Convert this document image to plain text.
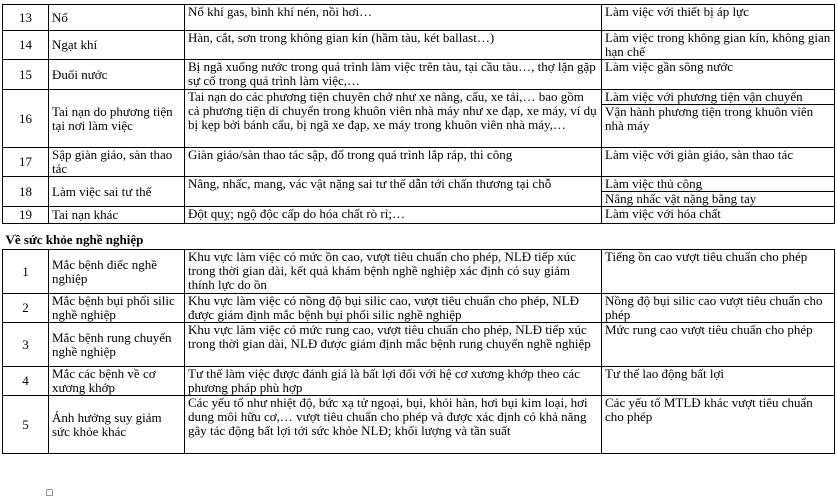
13	Nổ	Nổ khí gas, bình khí nén, nồi hơi…	Làm việc với thiết bị áp lực
14	Ngạt khí	Hàn, cắt, sơn trong không gian kín (hầm tàu, két ballast…)	Làm việc trong không gian kín, không gian hạn chế
15	Đuối nước	Bị ngã xuống nước trong quá trình làm việc trên tàu, tại cầu tàu…, thợ lặn gặp sự cố trong quá trình làm việc,…	Làm việc gần sông nước
16	Tai nạn do phương tiện tại nơi làm việc	Tai nạn do các phương tiện chuyên chở như xe nâng, cẩu, xe tải,… bao gồm cả phương tiện di chuyển trong khuôn viên nhà máy như xe đạp, xe máy, ví dụ bị kẹp bởi bánh cẩu, bị ngã xe đạp, xe máy trong khuôn viên nhà máy,…	Làm việc với phương tiện vận chuyển
Vận hành phương tiện trong khuôn viên nhà máy

17	Sập giàn giáo, sàn thao tác	Giàn giáo/sàn thao tác sập, đổ trong quá trình lắp ráp, thi công	Làm việc với giàn giáo, sàn thao tác
18	Làm việc sai tư thế	Nâng, nhấc, mang, vác vật nặng sai tư thế dẫn tới chấn thương tại chỗ	Làm việc thủ công
Nâng nhấc vật nặng bằng tay

19	Tai nạn khác	Đột quỵ; ngộ độc cấp do hóa chất rò rỉ;…	Làm việc với hóa chất
Về sức khỏe nghề nghiệp			
1	Mắc bệnh điếc nghề nghiệp	Khu vực làm việc có mức ồn cao, vượt tiêu chuẩn cho phép, NLĐ tiếp xúc trong thời gian dài, kết quả khám bệnh nghề nghiệp xác định có suy giảm thính lực do ồn	Tiếng ồn cao vượt tiêu chuẩn cho phép
2	Mắc bệnh bụi phổi silic nghề nghiệp	Khu vực làm việc có nồng độ bụi silic cao, vượt tiêu chuẩn cho phép, NLĐ được giám định mắc bệnh bụi phổi silic nghề nghiệp	Nồng độ bụi silic cao vượt tiêu chuẩn cho phép
3	Mắc bệnh rung chuyển nghề nghiệp	Khu vực làm việc có mức rung cao, vượt tiêu chuẩn cho phép, NLĐ tiếp xúc trong thời gian dài, NLĐ được giám định mắc bệnh rung chuyển nghề nghiệp	Mức rung cao vượt tiêu chuẩn cho phép
4	Mắc các bệnh về cơ xương khớp	Tư thế làm việc được đánh giá là bất lợi đối với hệ cơ xương khớp theo các phương pháp phù hợp	Tư thế lao động bất lợi
5	Ảnh hưởng suy giảm sức khỏe khác	Các yếu tố như nhiệt độ, bức xạ tử ngoại, bụi, khói hàn, hơi bụi kim loại, hơi dung môi hữu cơ,… vượt tiêu chuẩn cho phép và được xác định có khả năng gây tác động bất lợi tới sức khỏe NLĐ; khối lượng và tần suất	Các yếu tố MTLĐ khác vượt tiêu chuẩn cho phép
